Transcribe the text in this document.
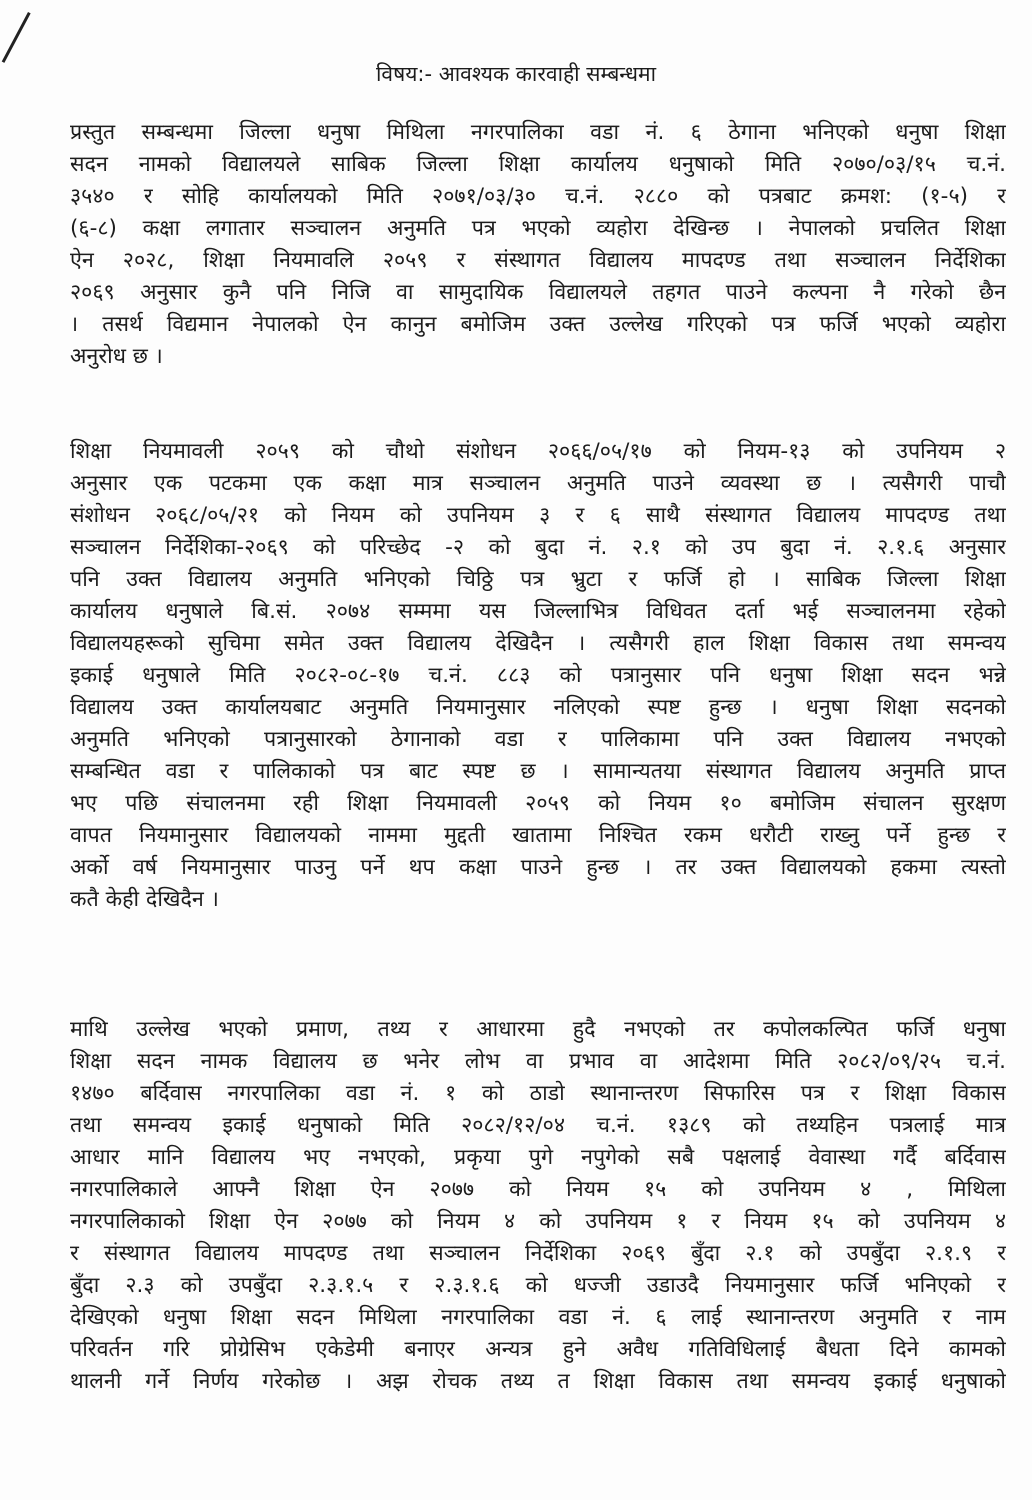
विषय:- आवश्यक कारवाही सम्बन्धमा
प्रस्तुत सम्बन्धमा जिल्ला धनुषा मिथिला नगरपालिका वडा नं. ६ ठेगाना भनिएको धनुषा शिक्षा
सदन नामको विद्यालयले साबिक जिल्ला शिक्षा कार्यालय धनुषाको मिति २०७०/०३/१५ च.नं.
३५४० र सोहि कार्यालयको मिति २०७१/०३/३० च.नं. २८८० को पत्रबाट क्रमश: (१-५) र
(६-८) कक्षा लगातार सञ्चालन अनुमति पत्र भएको व्यहोरा देखिन्छ । नेपालको प्रचलित शिक्षा
ऐन २०२८, शिक्षा नियमावलि २०५९ र संस्थागत विद्यालय मापदण्ड तथा सञ्चालन निर्देशिका
२०६९ अनुसार कुनै पनि निजि वा सामुदायिक विद्यालयले तहगत पाउने कल्पना नै गरेको छैन
। तसर्थ विद्यमान नेपालको ऐन कानुन बमोजिम उक्त उल्लेख गरिएको पत्र फर्जि भएको व्यहोरा
अनुरोध छ ।
शिक्षा नियमावली २०५९ को चौथो संशोधन २०६६/०५/१७ को नियम-१३ को उपनियम २
अनुसार एक पटकमा एक कक्षा मात्र सञ्चालन अनुमति पाउने व्यवस्था छ । त्यसैगरी पाचौ
संशोधन २०६८/०५/२१ को नियम को उपनियम ३ र ६ साथै संस्थागत विद्यालय मापदण्ड तथा
सञ्चालन निर्देशिका-२०६९ को परिच्छेद -२ को बुदा नं. २.१ को उप बुदा नं. २.१.६ अनुसार
पनि उक्त विद्यालय अनुमति भनिएको चिठ्ठि पत्र भ्रुटा र फर्जि हो । साबिक जिल्ला शिक्षा
कार्यालय धनुषाले बि.सं. २०७४ सम्ममा यस जिल्लाभित्र विधिवत दर्ता भई सञ्चालनमा रहेको
विद्यालयहरूको सुचिमा समेत उक्त विद्यालय देखिदैन । त्यसैगरी हाल शिक्षा विकास तथा समन्वय
इकाई धनुषाले मिति २०८२-०८-१७ च.नं. ८८३ को पत्रानुसार पनि धनुषा शिक्षा सदन भन्ने
विद्यालय उक्त कार्यालयबाट अनुमति नियमानुसार नलिएको स्पष्ट हुन्छ । धनुषा शिक्षा सदनको
अनुमति भनिएको पत्रानुसारको ठेगानाको वडा र पालिकामा पनि उक्त विद्यालय नभएको
सम्बन्धित वडा र पालिकाको पत्र बाट स्पष्ट छ । सामान्यतया संस्थागत विद्यालय अनुमति प्राप्त
भए पछि संचालनमा रही शिक्षा नियमावली २०५९ को नियम १० बमोजिम संचालन सुरक्षण
वापत नियमानुसार विद्यालयको नाममा मुद्दती खातामा निश्चित रकम धरौटी राख्नु पर्ने हुन्छ र
अर्को वर्ष नियमानुसार पाउनु पर्ने थप कक्षा पाउने हुन्छ । तर उक्त विद्यालयको हकमा त्यस्तो
कतै केही देखिदैन ।
माथि उल्लेख भएको प्रमाण, तथ्य र आधारमा हुदै नभएको तर कपोलकल्पित फर्जि धनुषा
शिक्षा सदन नामक विद्यालय छ भनेर लोभ वा प्रभाव वा आदेशमा मिति २०८२/०९/२५ च.नं.
१४७० बर्दिवास नगरपालिका वडा नं. १ को ठाडो स्थानान्तरण सिफारिस पत्र र शिक्षा विकास
तथा समन्वय इकाई धनुषाको मिति २०८२/१२/०४ च.नं. १३८९ को तथ्यहिन पत्रलाई मात्र
आधार मानि विद्यालय भए नभएको, प्रकृया पुगे नपुगेको सबै पक्षलाई वेवास्था गर्दै बर्दिवास
नगरपालिकाले आफ्नै शिक्षा ऐन २०७७ को नियम १५ को उपनियम ४ , मिथिला
नगरपालिकाको शिक्षा ऐन २०७७ को नियम ४ को उपनियम १ र नियम १५ को उपनियम ४
र संस्थागत विद्यालय मापदण्ड तथा सञ्चालन निर्देशिका २०६९ बुँदा २.१ को उपबुँदा २.१.९ र
बुँदा २.३ को उपबुँदा २.३.१.५ र २.३.१.६ को धज्जी उडाउदै नियमानुसार फर्जि भनिएको र
देखिएको धनुषा शिक्षा सदन मिथिला नगरपालिका वडा नं. ६ लाई स्थानान्तरण अनुमति र नाम
परिवर्तन गरि प्रोग्रेसिभ एकेडेमी बनाएर अन्यत्र हुने अवैध गतिविधिलाई बैधता दिने कामको
थालनी गर्ने निर्णय गरेकोछ । अझ रोचक तथ्य त शिक्षा विकास तथा समन्वय इकाई धनुषाको
